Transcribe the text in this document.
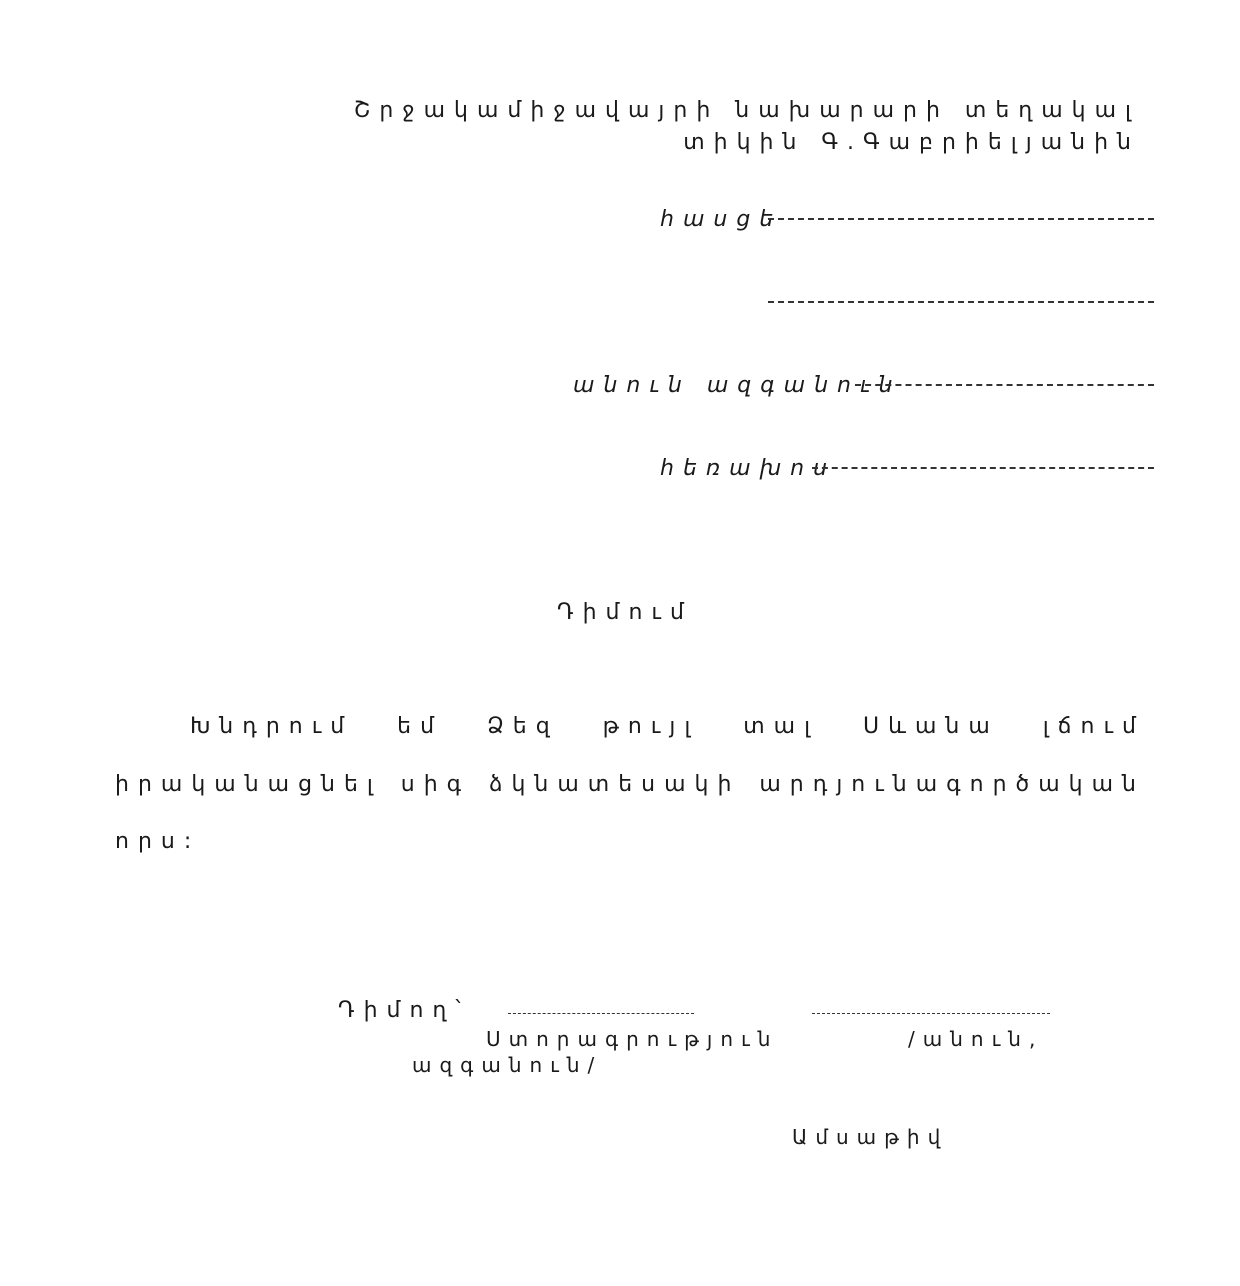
Շրջակամիջավայրի նախարարի տեղակալ
տիկին Գ.Գաբրիելյանին
հասցե
անուն ազգանուն
հեռախոս
Դիմում
Խնդրում եմ Ձեզ թույլ տալ Սևանա լճում
իրականացնել սիգ ձկնատեսակի արդյունագործական
որս:
Դիմող՝
Ստորագրություն	/անուն,
ազգանուն/
Ամսաթիվ
